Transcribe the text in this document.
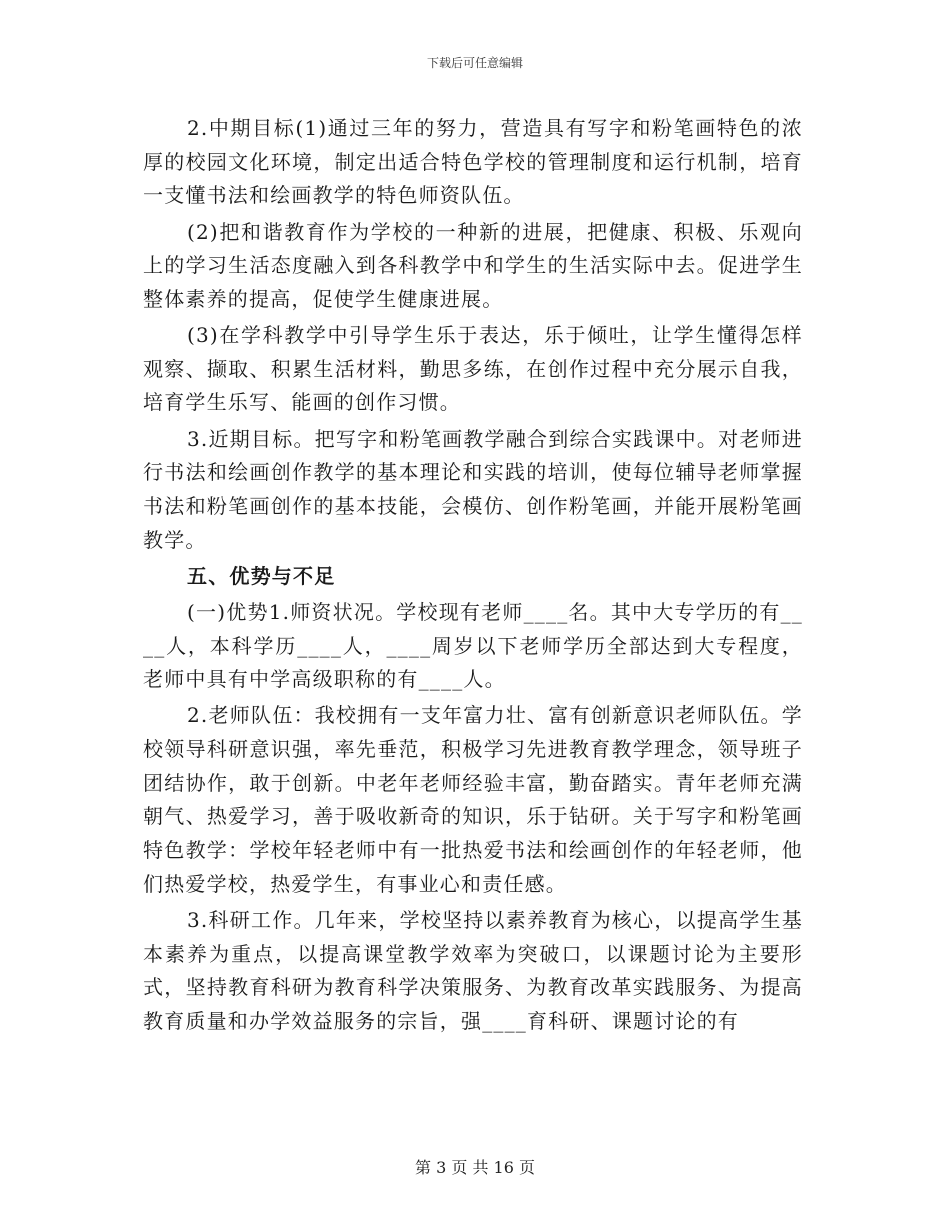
下载后可任意编辑

2.中期目标(1)通过三年的努力，营造具有写字和粉笔画特色的浓厚的校园文化环境，制定出适合特色学校的管理制度和运行机制，培育一支懂书法和绘画教学的特色师资队伍。

(2)把和谐教育作为学校的一种新的进展，把健康、积极、乐观向上的学习生活态度融入到各科教学中和学生的生活实际中去。促进学生整体素养的提高，促使学生健康进展。

(3)在学科教学中引导学生乐于表达，乐于倾吐，让学生懂得怎样观察、撷取、积累生活材料，勤思多练，在创作过程中充分展示自我，培育学生乐写、能画的创作习惯。

3.近期目标。把写字和粉笔画教学融合到综合实践课中。对老师进行书法和绘画创作教学的基本理论和实践的培训，使每位辅导老师掌握书法和粉笔画创作的基本技能，会模仿、创作粉笔画，并能开展粉笔画教学。

五、优势与不足

(一)优势1.师资状况。学校现有老师____名。其中大专学历的有____人，本科学历____人，____周岁以下老师学历全部达到大专程度，老师中具有中学高级职称的有____人。

2.老师队伍：我校拥有一支年富力壮、富有创新意识老师队伍。学校领导科研意识强，率先垂范，积极学习先进教育教学理念，领导班子团结协作，敢于创新。中老年老师经验丰富，勤奋踏实。青年老师充满朝气、热爱学习，善于吸收新奇的知识，乐于钻研。关于写字和粉笔画特色教学：学校年轻老师中有一批热爱书法和绘画创作的年轻老师，他们热爱学校，热爱学生，有事业心和责任感。

3.科研工作。几年来，学校坚持以素养教育为核心，以提高学生基本素养为重点，以提高课堂教学效率为突破口，以课题讨论为主要形式，坚持教育科研为教育科学决策服务、为教育改革实践服务、为提高教育质量和办学效益服务的宗旨，强____育科研、课题讨论的有

第 3 页 共 16 页
